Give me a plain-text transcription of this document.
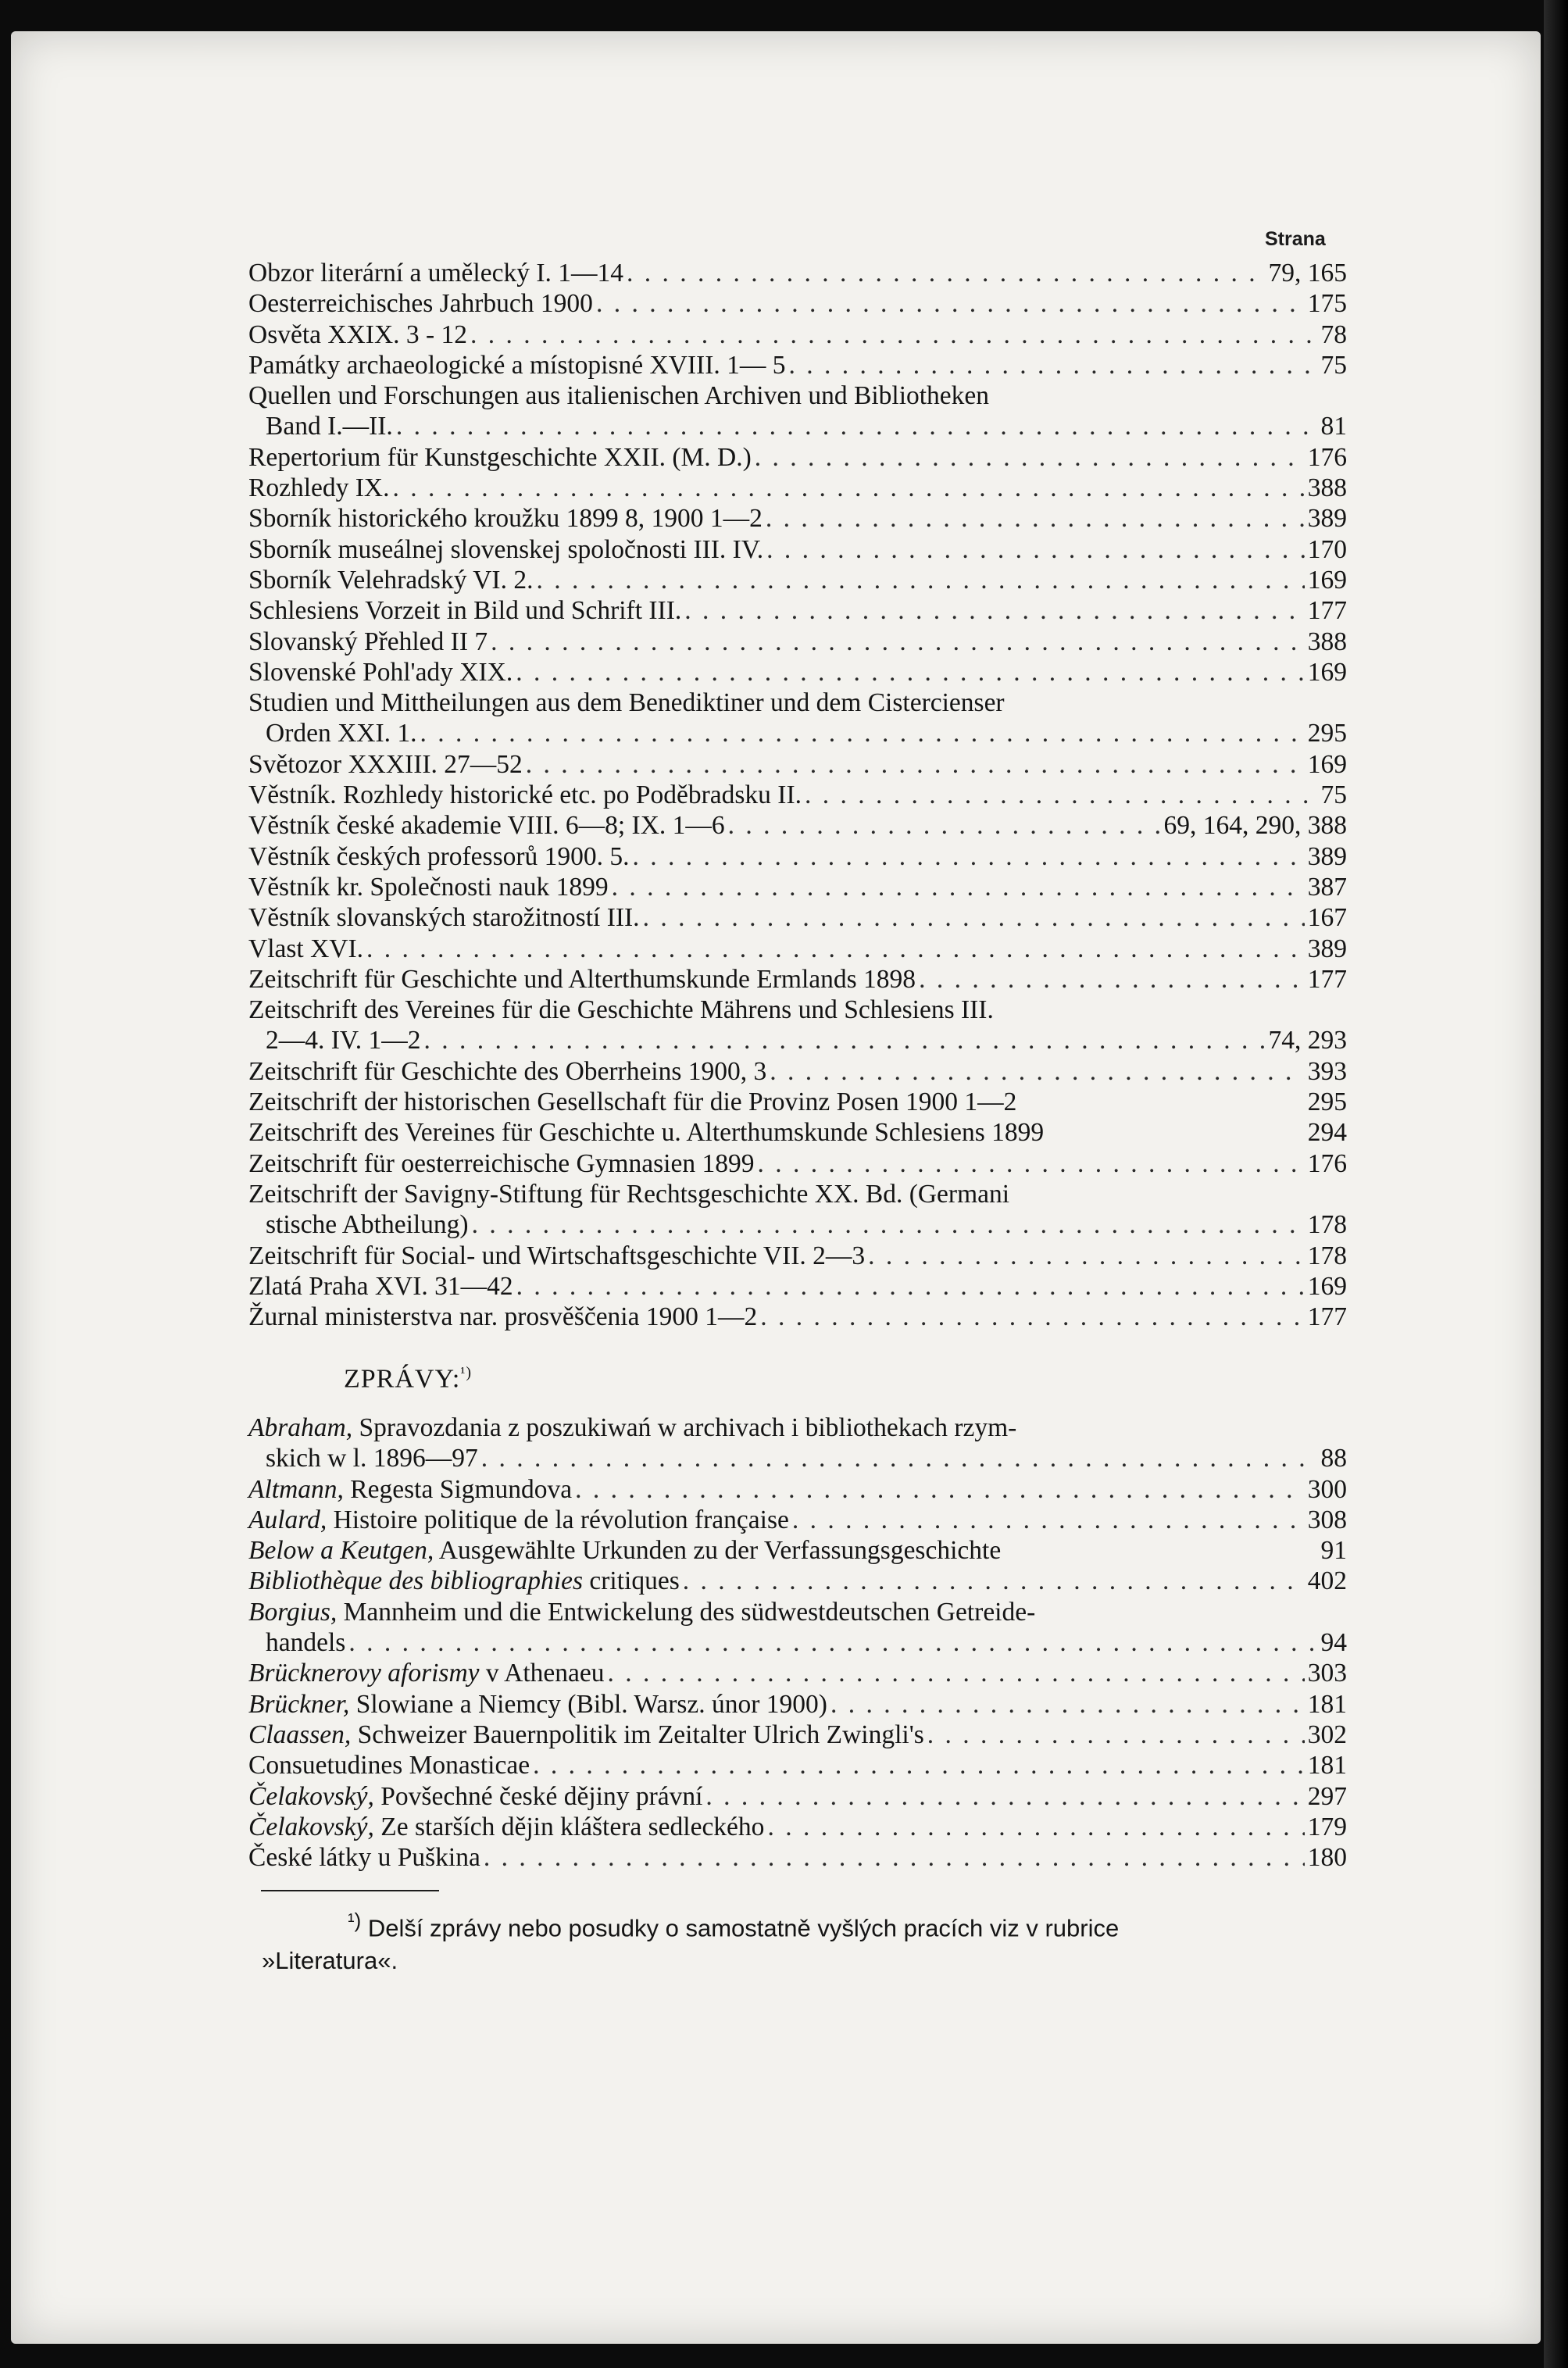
Strana
Obzor literární a umělecký I. 1—14 . . .	79, 165
Oesterreichisches Jahrbuch 1900 . . .	175
Osvěta XXIX. 3 - 12 . . .	78
Památky archaeologické a místopisné XVIII. 1— 5 . . .	75
Quellen und Forschungen aus italienischen Archiven und Bibliotheken
Band I.—II. . . .	81
Repertorium für Kunstgeschichte XXII. (M. D.) . . .	176
Rozhledy IX. . . .	388
Sborník historického kroužku 1899 8, 1900 1—2 . . .	389
Sborník museálnej slovenskej spoločnosti III. IV. . . .	170
Sborník Velehradský VI. 2. . . .	169
Schlesiens Vorzeit in Bild und Schrift III. . . .	177
Slovanský Přehled II 7 . . .	388
Slovenské Pohl'ady XIX. . . .	169
Studien und Mittheilungen aus dem Benediktiner und dem Cistercienser
Orden XXI. 1. . . .	295
Světozor XXXIII. 27—52 . . .	169
Věstník. Rozhledy historické etc. po Poděbradsku II. . . .	75
Věstník české akademie VIII. 6—8; IX. 1—6 . . .	69, 164, 290, 388
Věstník českých professorů 1900. 5. . . .	389
Věstník kr. Společnosti nauk 1899 . . .	387
Věstník slovanských starožitností III. . . .	167
Vlast XVI. . . .	389
Zeitschrift für Geschichte und Alterthumskunde Ermlands 1898 . . .	177
Zeitschrift des Vereines für die Geschichte Mährens und Schlesiens III.
2—4. IV. 1—2 . . .	74, 293
Zeitschrift für Geschichte des Oberrheins 1900, 3 . . .	393
Zeitschrift der historischen Gesellschaft für die Provinz Posen 1900 1—2	295
Zeitschrift des Vereines für Geschichte u. Alterthumskunde Schlesiens 1899	294
Zeitschrift für oesterreichische Gymnasien 1899 . . .	176
Zeitschrift der Savigny-Stiftung für Rechtsgeschichte XX. Bd. (Germani
stische Abtheilung) . . .	178
Zeitschrift für Social- und Wirtschaftsgeschichte VII. 2—3 . . .	178
Zlatá Praha XVI. 31—42 . . .	169
Žurnal ministerstva nar. prosvěščenia 1900 1—2 . . .	177
ZPRÁVY:$^{^1)}$
Abraham, Spravozdania z poszukiwań w archivach i bibliothekach rzym-
skich w l. 1896—97 . . .	88
Altmann, Regesta Sigmundova . . .	300
Aulard, Histoire politique de la révolution française . . .	308
Below a Keutgen, Ausgewählte Urkunden zu der Verfassungsgeschichte	91
Bibliothèque des bibliographies critiques . . .	402
Borgius, Mannheim und die Entwickelung des südwestdeutschen Getreide-
handels . . .	94
Brücknerovy aforismy v Athenaeu . . .	303
Brückner, Slowiane a Niemcy (Bibl. Warsz. únor 1900) . . .	181
Claassen, Schweizer Bauernpolitik im Zeitalter Ulrich Zwingli's . . .	302
Consuetudines Monasticae . . .	181
Čelakovský, Povšechné české dějiny právní . . .	297
Čelakovský, Ze starších dějin kláštera sedleckého . . .	179
České látky u Puškina . . .	180
$^{^1)}$ Delší zprávy nebo posudky o samostatně vyšlých pracích viz v rubrice
»Literatura«.
